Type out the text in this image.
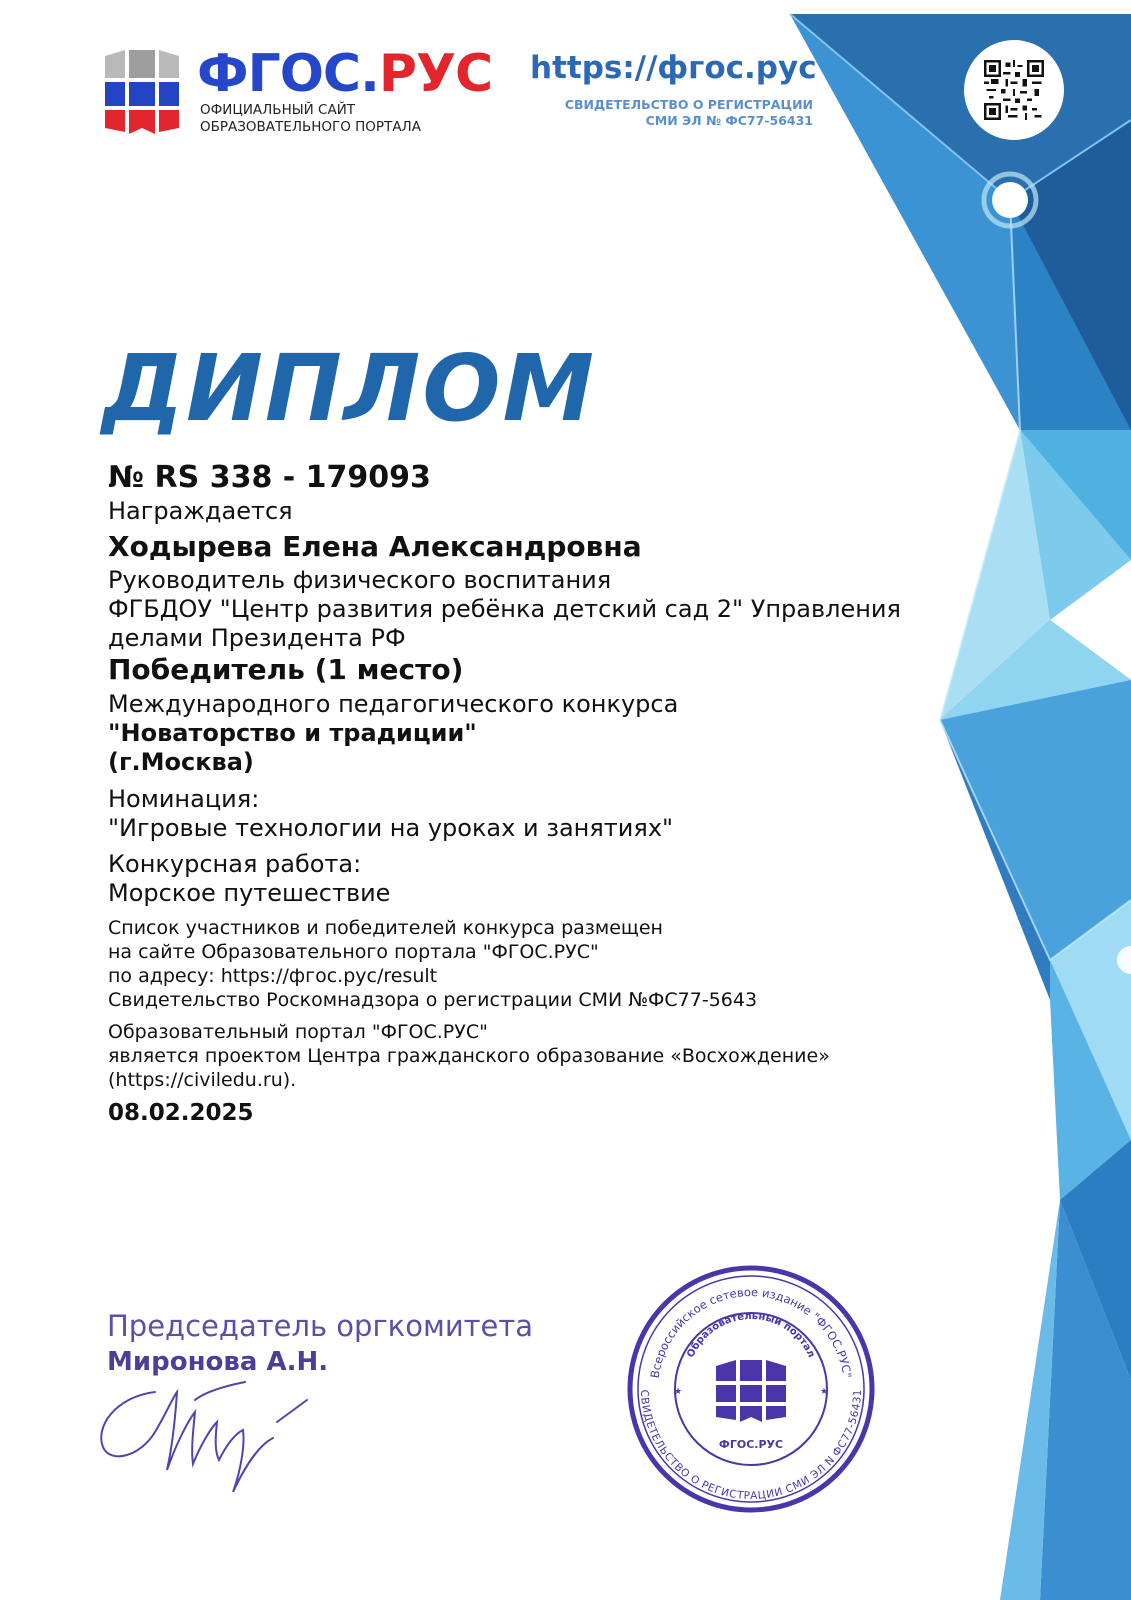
ФГОС.РУС
ОФИЦИАЛЬНЫЙ САЙТ
ОБРАЗОВАТЕЛЬНОГО ПОРТАЛА
https://фгос.рус
СВИДЕТЕЛЬСТВО О РЕГИСТРАЦИИ
СМИ ЭЛ № ФС77-56431
ДИПЛОМ
№ RS 338 - 179093
Награждается
Ходырева Елена Александровна
Руководитель физического воспитания
ФГБДОУ "Центр развития ребёнка детский сад 2" Управления
делами Президента РФ
Победитель (1 место)
Международного педагогического конкурса
"Новаторство и традиции"
(г.Москва)
Номинация:
"Игровые технологии на уроках и занятиях"
Конкурсная работа:
Морское путешествие
Список участников и победителей конкурса размещен
на сайте Образовательного портала "ФГОС.РУС"
по адресу: https://фгос.рус/result
Свидетельство Роскомнадзора о регистрации СМИ №ФС77-5643
Образовательный портал "ФГОС.РУС"
является проектом Центра гражданского образование «Восхождение»
(https://civiledu.ru).
08.02.2025
Председатель оргкомитета
Миронова А.Н.	Всероссийское сетевое издание "ФГОС.РУС"
СВИДЕТЕЛЬСТВО О РЕГИСТРАЦИИ СМИ ЭЛ N ФС77-56431
Образовательный портал
ФГОС.РУС
★	★
